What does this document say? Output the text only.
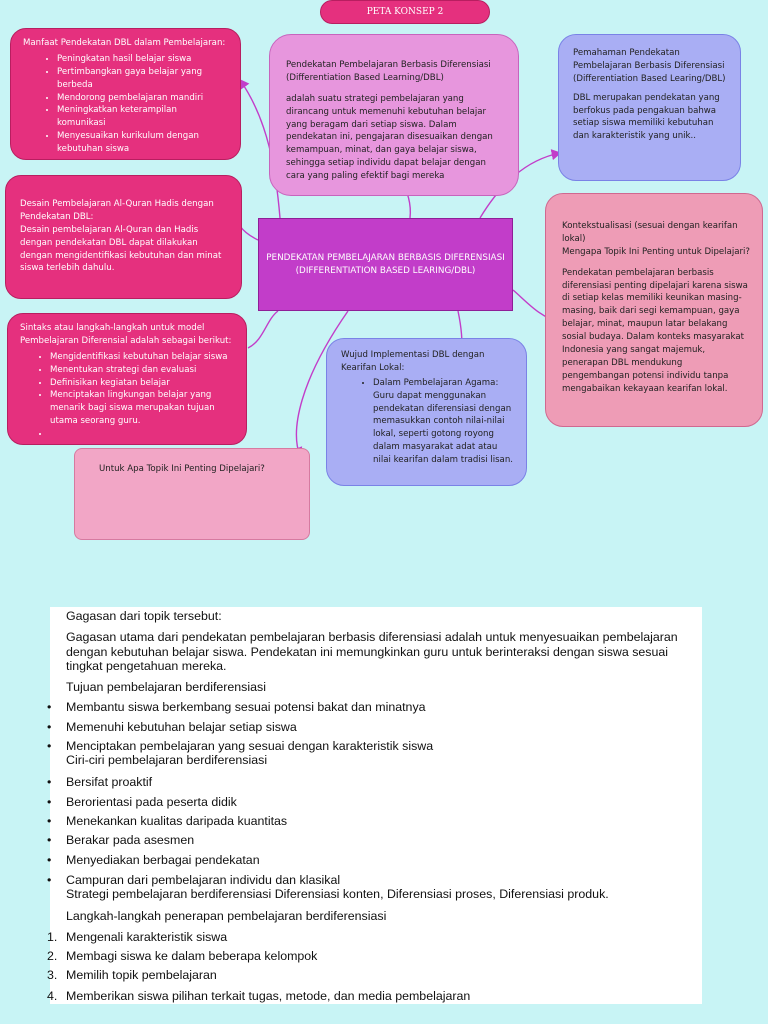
PETA KONSEP 2

Manfaat Pendekatan DBL dalam Pembelajaran:

• Peningkatan hasil belajar siswa
• Pertimbangkan gaya belajar yang berbeda
• Mendorong pembelajaran mandiri
• Meningkatkan keterampilan komunikasi
• Menyesuaikan kurikulum dengan kebutuhan siswa

Pendekatan Pembelajaran Berbasis Diferensiasi (Differentiation Based Learning/DBL)

adalah suatu strategi pembelajaran yang dirancang untuk memenuhi kebutuhan belajar yang beragam dari setiap siswa. Dalam pendekatan ini, pengajaran disesuaikan dengan kemampuan, minat, dan gaya belajar siswa, sehingga setiap individu dapat belajar dengan cara yang paling efektif bagi mereka

Pemahaman Pendekatan Pembelajaran Berbasis Diferensiasi (Differentiation Based Learing/DBL)

DBL merupakan pendekatan yang berfokus pada pengakuan bahwa setiap siswa memiliki kebutuhan dan karakteristik yang unik..

Desain Pembelajaran Al-Quran Hadis dengan Pendekatan DBL:

Desain pembelajaran Al-Quran dan Hadis dengan pendekatan DBL dapat dilakukan dengan mengidentifikasi kebutuhan dan minat siswa terlebih dahulu.

PENDEKATAN PEMBELAJARAN BERBASIS DIFERENSIASI
(DIFFERENTIATION BASED LEARING/DBL)

Kontekstualisasi (sesuai dengan kearifan lokal)

Mengapa Topik Ini Penting untuk Dipelajari?

Pendekatan pembelajaran berbasis diferensiasi penting dipelajari karena siswa di setiap kelas memiliki keunikan masing-masing, baik dari segi kemampuan, gaya belajar, minat, maupun latar belakang sosial budaya. Dalam konteks masyarakat Indonesia yang sangat majemuk, penerapan DBL mendukung pengembangan potensi individu tanpa mengabaikan kekayaan kearifan lokal.

Sintaks atau langkah-langkah untuk model Pembelajaran Diferensial adalah sebagai berikut:

• Mengidentifikasi kebutuhan belajar siswa
• Menentukan strategi dan evaluasi
• Definisikan kegiatan belajar
• Menciptakan lingkungan belajar yang menarik bagi siswa merupakan tujuan utama seorang guru.
•

Wujud Implementasi DBL dengan Kearifan Lokal:

• Dalam Pembelajaran Agama: Guru dapat menggunakan pendekatan diferensiasi dengan memasukkan contoh nilai-nilai lokal, seperti gotong royong dalam masyarakat adat atau nilai kearifan dalam tradisi lisan.

Untuk Apa Topik Ini Penting Dipelajari?

Gagasan dari topik tersebut:
Gagasan utama dari pendekatan pembelajaran berbasis diferensiasi adalah untuk menyesuaikan pembelajaran dengan kebutuhan belajar siswa. Pendekatan ini memungkinkan guru untuk berinteraksi dengan siswa sesuai tingkat pengetahuan mereka.
Tujuan pembelajaran berdiferensiasi
• Membantu siswa berkembang sesuai potensi bakat dan minatnya
• Memenuhi kebutuhan belajar setiap siswa
• Menciptakan pembelajaran yang sesuai dengan karakteristik siswa
Ciri-ciri pembelajaran berdiferensiasi
• Bersifat proaktif
• Berorientasi pada peserta didik
• Menekankan kualitas daripada kuantitas
• Berakar pada asesmen
• Menyediakan berbagai pendekatan
• Campuran dari pembelajaran individu dan klasikal
Strategi pembelajaran berdiferensiasi Diferensiasi konten, Diferensiasi proses, Diferensiasi produk.
Langkah-langkah penerapan pembelajaran berdiferensiasi
1. Mengenali karakteristik siswa
2. Membagi siswa ke dalam beberapa kelompok
3. Memilih topik pembelajaran
4. Memberikan siswa pilihan terkait tugas, metode, dan media pembelajaran
